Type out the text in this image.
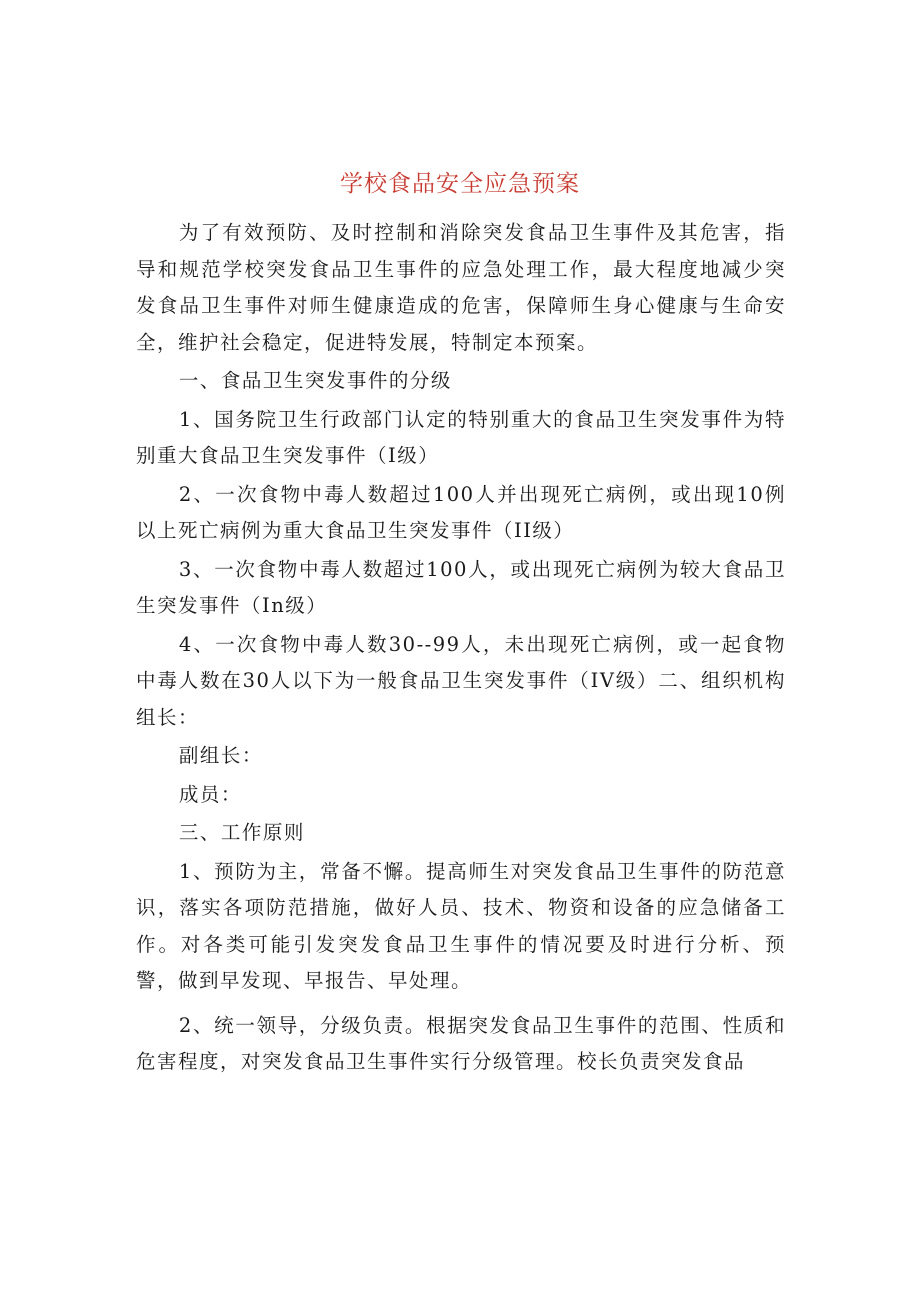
学校食品安全应急预案

为了有效预防、及时控制和消除突发食品卫生事件及其危害，指导和规范学校突发食品卫生事件的应急处理工作，最大程度地减少突发食品卫生事件对师生健康造成的危害，保障师生身心健康与生命安全，维护社会稳定，促进特发展，特制定本预案。

一、食品卫生突发事件的分级

1、国务院卫生行政部门认定的特别重大的食品卫生突发事件为特别重大食品卫生突发事件（I级）

2、一次食物中毒人数超过100人并出现死亡病例，或出现10例以上死亡病例为重大食品卫生突发事件（II级）

3、一次食物中毒人数超过100人，或出现死亡病例为较大食品卫生突发事件（In级）

4、一次食物中毒人数30--99人，未出现死亡病例，或一起食物中毒人数在30人以下为一般食品卫生突发事件（IV级）二、组织机构组长：

副组长：

成员：

三、工作原则

1、预防为主，常备不懈。提高师生对突发食品卫生事件的防范意识，落实各项防范措施，做好人员、技术、物资和设备的应急储备工作。对各类可能引发突发食品卫生事件的情况要及时进行分析、预警，做到早发现、早报告、早处理。

2、统一领导，分级负责。根据突发食品卫生事件的范围、性质和危害程度，对突发食品卫生事件实行分级管理。校长负责突发食品
